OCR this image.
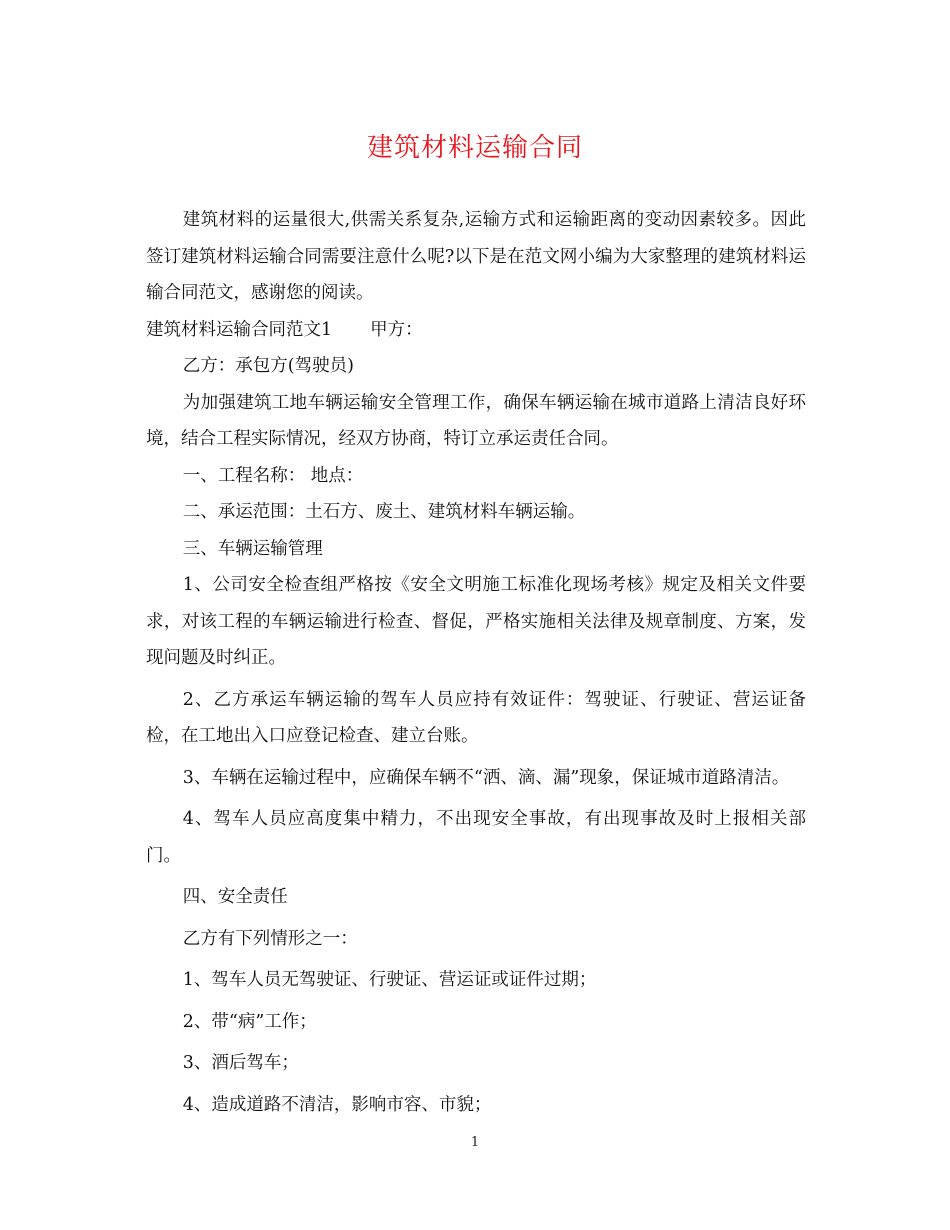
建筑材料运输合同

建筑材料的运量很大,供需关系复杂,运输方式和运输距离的变动因素较多。因此签订建筑材料运输合同需要注意什么呢?以下是在范文网小编为大家整理的建筑材料运输合同范文，感谢您的阅读。

建筑材料运输合同范文1 甲方：

乙方：承包方(驾驶员)

为加强建筑工地车辆运输安全管理工作，确保车辆运输在城市道路上清洁良好环境，结合工程实际情况，经双方协商，特订立承运责任合同。

一、工程名称： 地点：

二、承运范围：土石方、废土、建筑材料车辆运输。

三、车辆运输管理

1、公司安全检查组严格按《安全文明施工标准化现场考核》规定及相关文件要求，对该工程的车辆运输进行检查、督促，严格实施相关法律及规章制度、方案，发现问题及时纠正。

2、乙方承运车辆运输的驾车人员应持有效证件：驾驶证、行驶证、营运证备检，在工地出入口应登记检查、建立台账。

3、车辆在运输过程中，应确保车辆不“洒、滴、漏”现象，保证城市道路清洁。

4、驾车人员应高度集中精力，不出现安全事故，有出现事故及时上报相关部门。

四、安全责任

乙方有下列情形之一：

1、驾车人员无驾驶证、行驶证、营运证或证件过期；

2、带“病”工作；

3、酒后驾车；

4、造成道路不清洁，影响市容、市貌；

1
